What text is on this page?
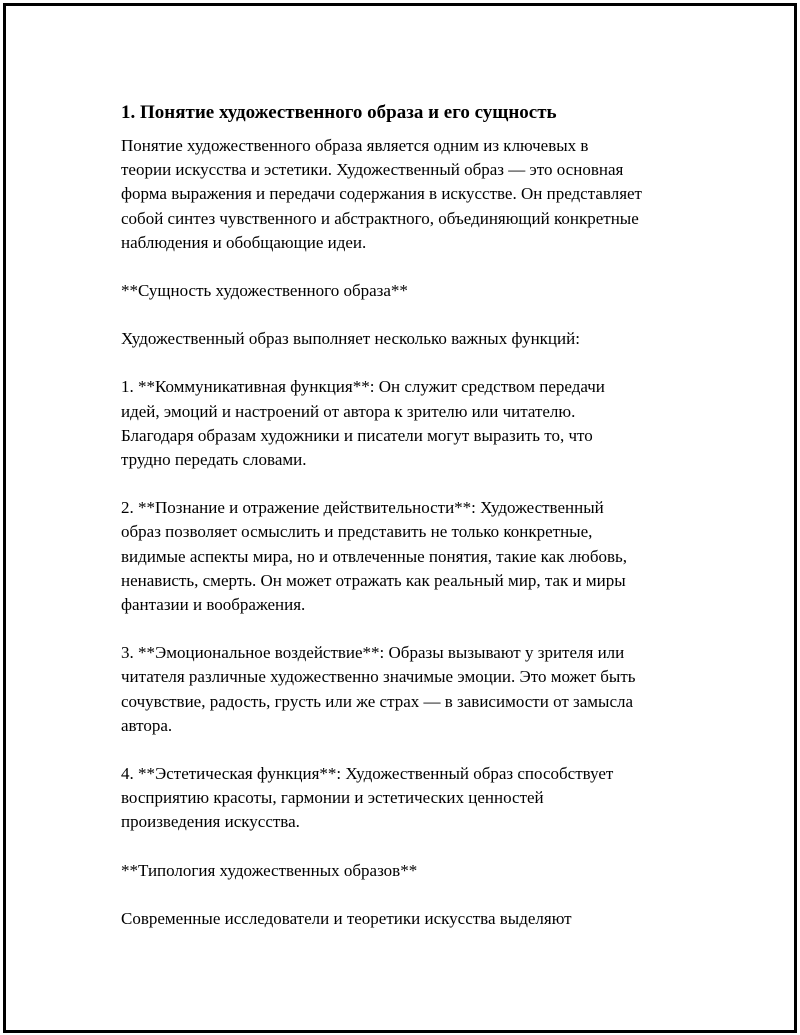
1. Понятие художественного образа и его сущность
Понятие художественного образа является одним из ключевых в
теории искусства и эстетики. Художественный образ — это основная
форма выражения и передачи содержания в искусстве. Он представляет
собой синтез чувственного и абстрактного, объединяющий конкретные
наблюдения и обобщающие идеи.
**Сущность художественного образа**
Художественный образ выполняет несколько важных функций:
1. **Коммуникативная функция**: Он служит средством передачи
идей, эмоций и настроений от автора к зрителю или читателю.
Благодаря образам художники и писатели могут выразить то, что
трудно передать словами.
2. **Познание и отражение действительности**: Художественный
образ позволяет осмыслить и представить не только конкретные,
видимые аспекты мира, но и отвлеченные понятия, такие как любовь,
ненависть, смерть. Он может отражать как реальный мир, так и миры
фантазии и воображения.
3. **Эмоциональное воздействие**: Образы вызывают у зрителя или
читателя различные художественно значимые эмоции. Это может быть
сочувствие, радость, грусть или же страх — в зависимости от замысла
автора.
4. **Эстетическая функция**: Художественный образ способствует
восприятию красоты, гармонии и эстетических ценностей
произведения искусства.
**Типология художественных образов**
Современные исследователи и теоретики искусства выделяют
